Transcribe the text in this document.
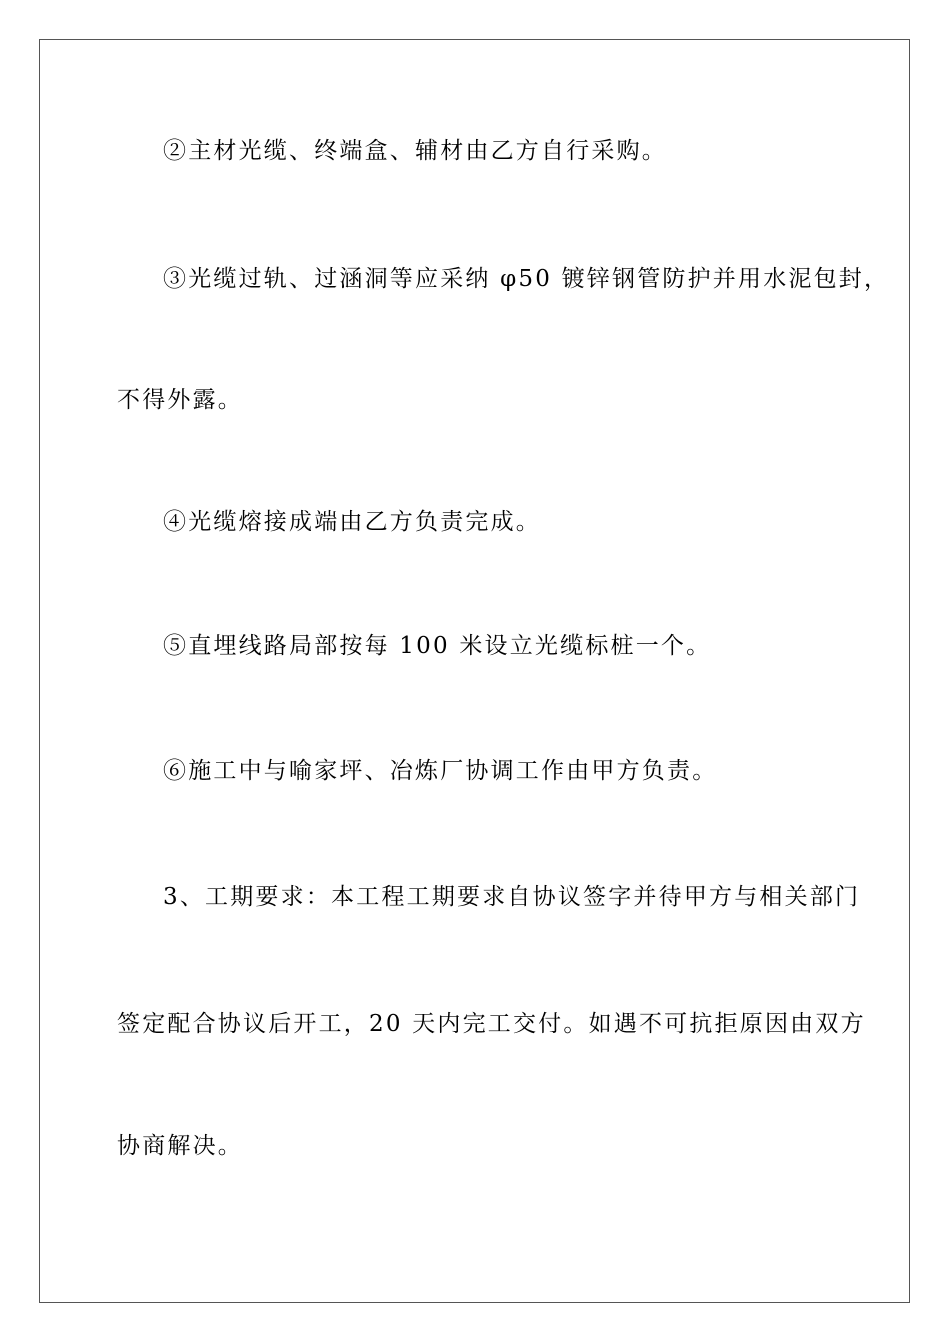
②主材光缆、终端盒、辅材由乙方自行采购。
③光缆过轨、过涵洞等应采纳 φ50 镀锌钢管防护并用水泥包封，
不得外露。
④光缆熔接成端由乙方负责完成。
⑤直埋线路局部按每 100 米设立光缆标桩一个。
⑥施工中与喻家坪、冶炼厂协调工作由甲方负责。
3、工期要求：本工程工期要求自协议签字并待甲方与相关部门
签定配合协议后开工，20 天内完工交付。如遇不可抗拒原因由双方
协商解决。
